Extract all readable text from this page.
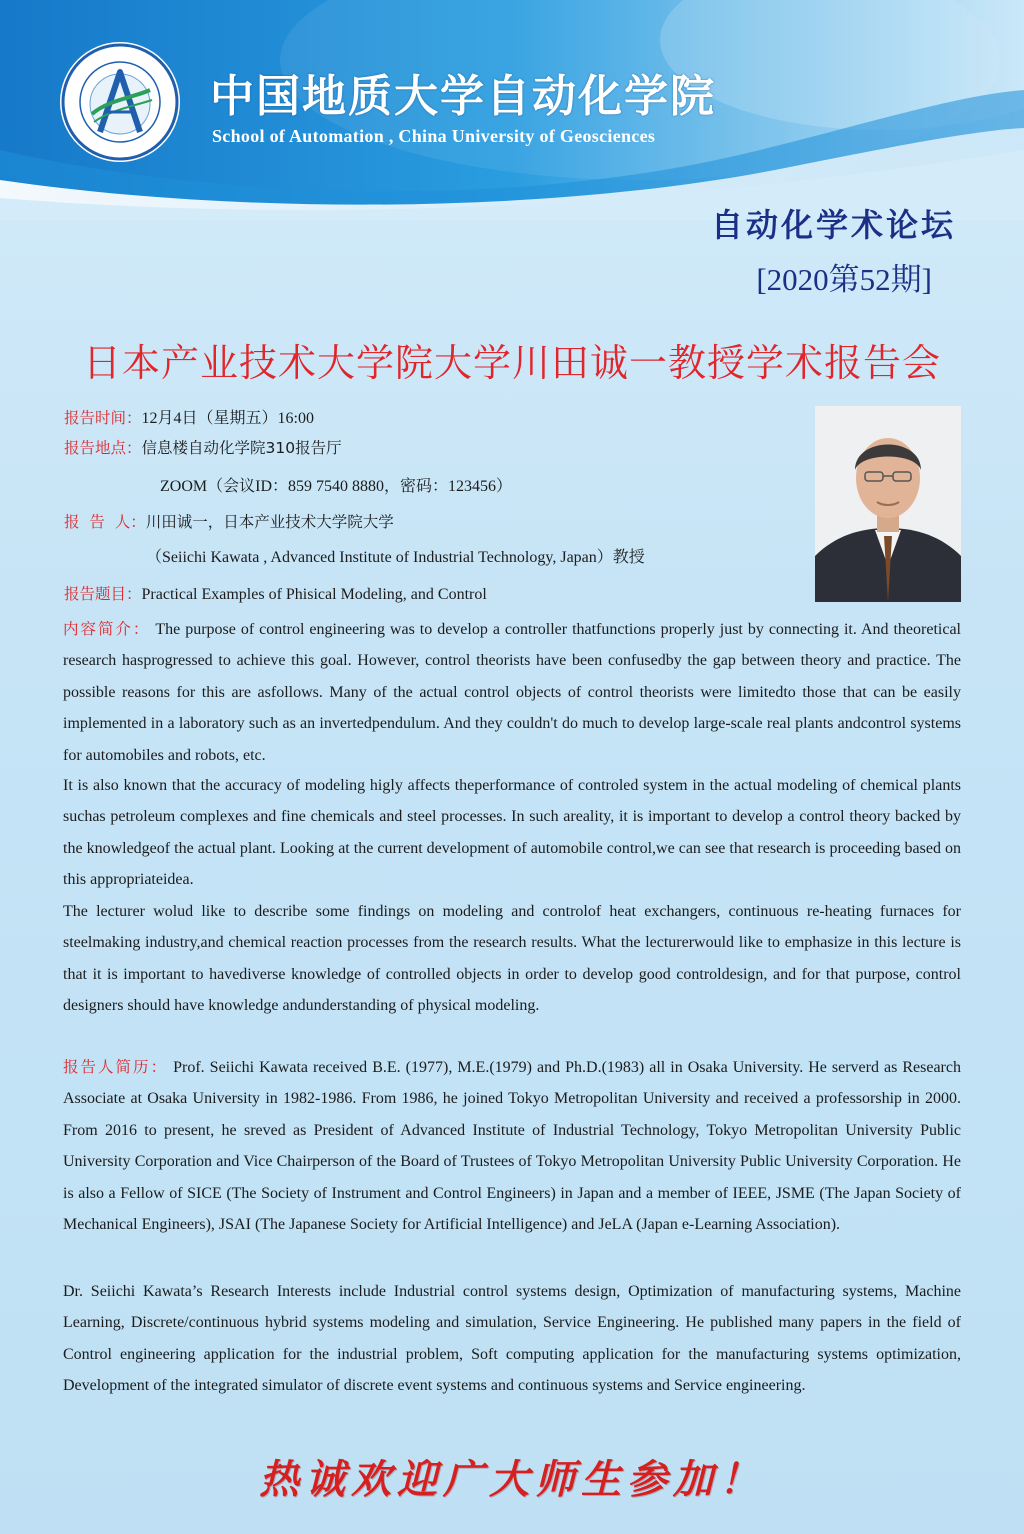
中国地质大学自动化学院
School of Automation , China University of Geosciences
自动化学术论坛
[2020第52期]
日本产业技术大学院大学川田诚一教授学术报告会
报告时间：12月4日（星期五）16:00
报告地点：信息楼自动化学院310报告厅
ZOOM（会议ID：859 7540 8880，密码：123456）
报  告  人：川田诚一，日本产业技术大学院大学
（Seiichi Kawata , Advanced Institute of Industrial Technology, Japan）教授
报告题目：Practical Examples of Phisical Modeling, and Control

内容简介： The purpose of control engineering was to develop a controller thatfunctions properly just by connecting it. And theoretical research hasprogressed to achieve this goal. However, control theorists have been confusedby the gap between theory and practice. The possible reasons for this are asfollows. Many of the actual control objects of control theorists were limitedto those that can be easily implemented in a laboratory such as an invertedpendulum. And they couldn't do much to develop large-scale real plants andcontrol systems for automobiles and robots, etc.

It is also known that the accuracy of modeling higly affects theperformance of controled system in the actual modeling of chemical plants suchas petroleum complexes and fine chemicals and steel processes. In such areality, it is important to develop a control theory backed by the knowledgeof the actual plant. Looking at the current development of automobile control,we can see that research is proceeding based on this appropriateidea.

The lecturer wolud like to describe some findings on modeling and controlof heat exchangers, continuous re-heating furnaces for steelmaking industry,and chemical reaction processes from the research results. What the lecturerwould like to emphasize in this lecture is that it is important to havediverse knowledge of controlled objects in order to develop good controldesign, and for that purpose, control designers should have knowledge andunderstanding of physical modeling.

报告人简历： Prof. Seiichi Kawata received B.E. (1977), M.E.(1979) and Ph.D.(1983) all in Osaka University. He serverd as Research Associate at Osaka University in 1982-1986. From 1986, he joined Tokyo Metropolitan University and received a professorship in 2000. From 2016 to present, he sreved as President of Advanced Institute of Industrial Technology, Tokyo Metropolitan University Public University Corporation and Vice Chairperson of the Board of Trustees of Tokyo Metropolitan University Public University Corporation. He is also a Fellow of SICE (The Society of Instrument and Control Engineers) in Japan and a member of IEEE, JSME (The Japan Society of Mechanical Engineers), JSAI (The Japanese Society for Artificial Intelligence) and JeLA (Japan e-Learning Association).

Dr. Seiichi Kawata’s Research Interests include Industrial control systems design, Optimization of manufacturing systems, Machine Learning, Discrete/continuous hybrid systems modeling and simulation, Service Engineering. He published many papers in the field of Control engineering application for the industrial problem, Soft computing application for the manufacturing systems optimization, Development of the integrated simulator of discrete event systems and continuous systems and Service engineering.

热诚欢迎广大师生参加！
